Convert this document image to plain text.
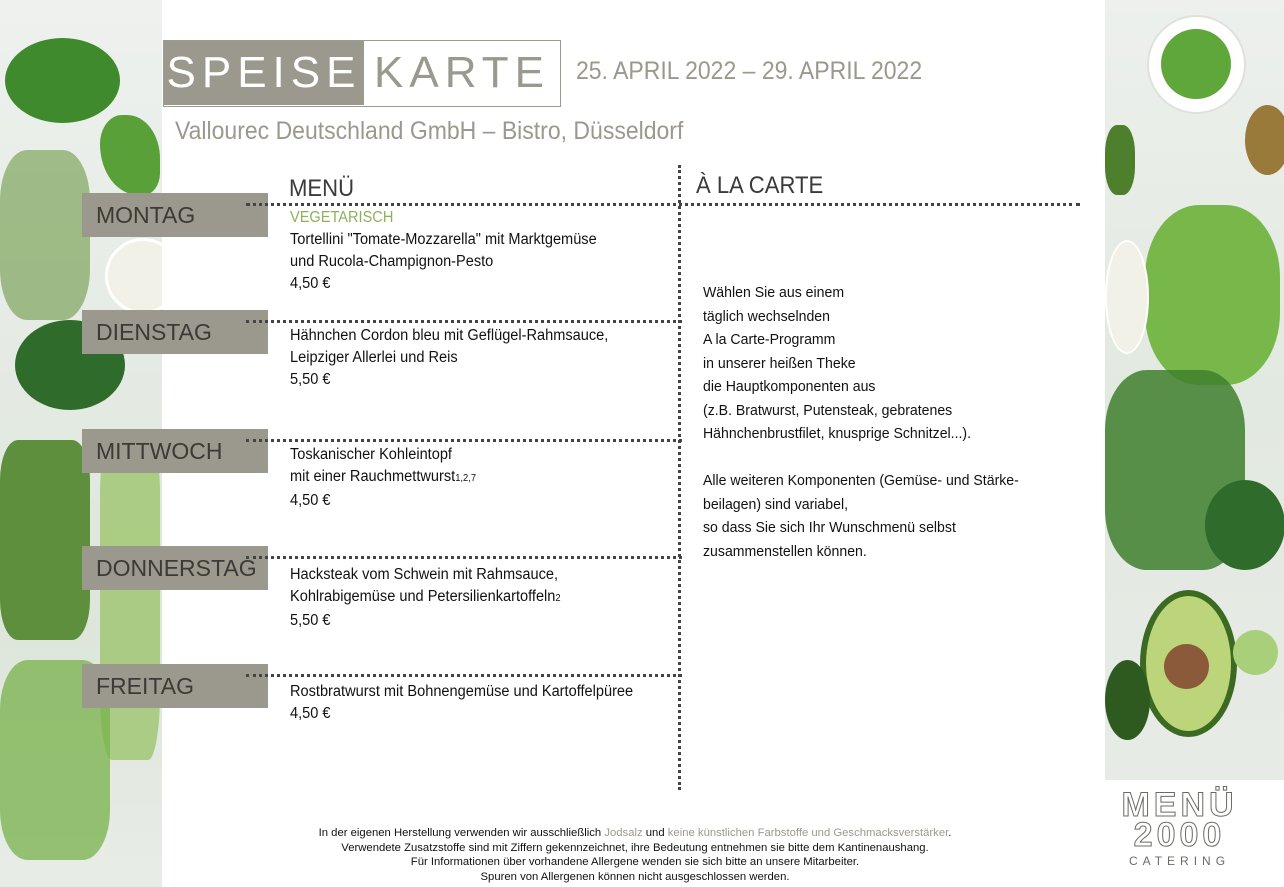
SPEISE KARTE	25. APRIL 2022 – 29. APRIL 2022
Vallourec Deutschland GmbH – Bistro, Düsseldorf
MENÜ	À LA CARTE
MONTAG	VEGETARISCH
Tortellini "Tomate-Mozzarella" mit Marktgemüse
und Rucola-Champignon-Pesto
4,50 €
DIENSTAG	Hähnchen Cordon bleu mit Geflügel-Rahmsauce,
Leipziger Allerlei und Reis
5,50 €
MITTWOCH	Toskanischer Kohleintopf
mit einer Rauchmettwurst1,2,7
4,50 €
DONNERSTAG	Hacksteak vom Schwein mit Rahmsauce,
Kohlrabigemüse und Petersilienkartoffeln2
5,50 €
FREITAG	Rostbratwurst mit Bohnengemüse und Kartoffelpüree
4,50 €

Wählen Sie aus einem

täglich wechselnden

A la Carte-Programm

in unserer heißen Theke

die Hauptkomponenten aus

(z.B. Bratwurst, Putensteak, gebratenes

Hähnchenbrustfilet, knusprige Schnitzel...).

Alle weiteren Komponenten (Gemüse- und Stärke-

beilagen) sind variabel,

so dass Sie sich Ihr Wunschmenü selbst

zusammenstellen können.

In der eigenen Herstellung verwenden wir ausschließlich Jodsalz und keine künstlichen Farbstoffe und Geschmacksverstärker.

Verwendete Zusatzstoffe sind mit Ziffern gekennzeichnet, ihre Bedeutung entnehmen sie bitte dem Kantinenaushang.

Für Informationen über vorhandene Allergene wenden sie sich bitte an unsere Mitarbeiter.

Spuren von Allergenen können nicht ausgeschlossen werden.

MENÜ
2000
CATERING
